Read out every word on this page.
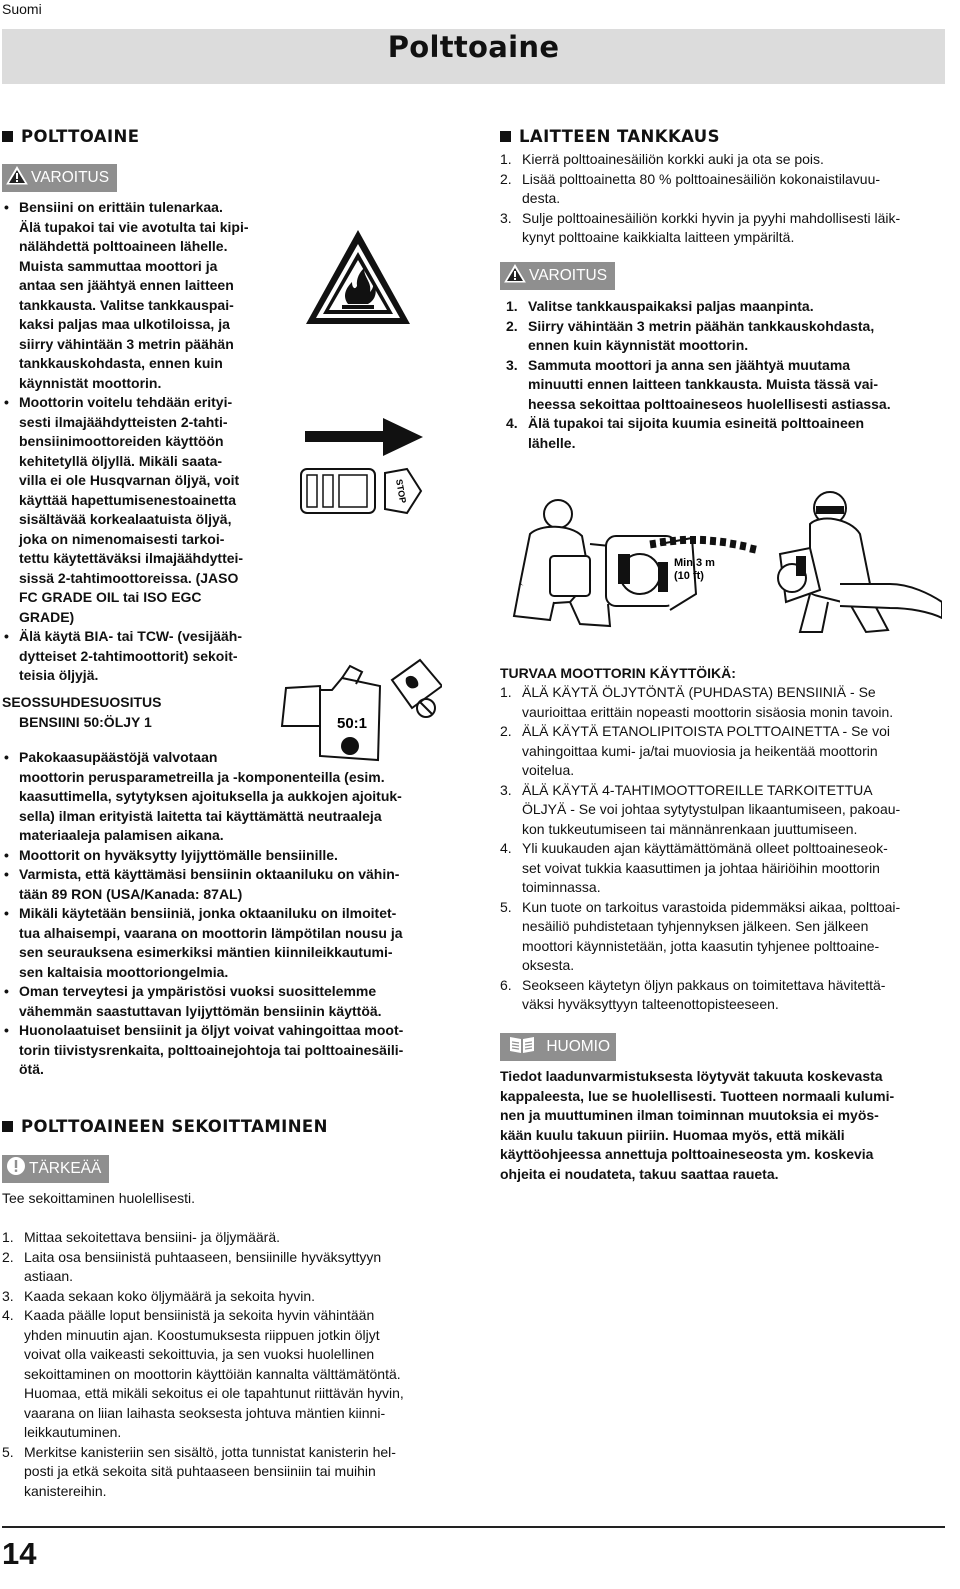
Suomi
Polttoaine
POLTTOAINE
VAROITUS
• Bensiini on erittäin tulenarkaa.
Älä tupakoi tai vie avotulta tai kipi-
nälähdettä polttoaineen lähelle.
Muista sammuttaa moottori ja
antaa sen jäähtyä ennen laitteen
tankkausta. Valitse tankkauspai-
kaksi paljas maa ulkotiloissa, ja
siirry vähintään 3 metrin päähän
tankkauskohdasta, ennen kuin
käynnistät moottorin.
• Moottorin voitelu tehdään erityi-
sesti ilmajäähdytteisten 2-tahti-
bensiinimoottoreiden käyttöön
kehitetyllä öljyllä. Mikäli saata-
villa ei ole Husqvarnan öljyä, voit
käyttää hapettumisenestoainetta
sisältävää korkealaatuista öljyä,
joka on nimenomaisesti tarkoi-
tettu käytettäväksi ilmajäähdyttei-
sissä 2-tahtimoottoreissa. (JASO
FC GRADE OIL tai ISO EGC
GRADE)
• Älä käytä BIA- tai TCW- (vesijääh-
dytteiset 2-tahtimoottorit) sekoit-
teisia öljyjä.
STOP
SEOSSUHDESUOSITUS
BENSIINI 50:ÖLJY 1	50:1
• Pakokaasupäästöjä valvotaan
moottorin perusparametreilla ja -komponenteilla (esim.
kaasuttimella, sytytyksen ajoituksella ja aukkojen ajoituk-
sella) ilman erityistä laitetta tai käyttämättä neutraaleja
materiaaleja palamisen aikana.
• Moottorit on hyväksytty lyijyttömälle bensiinille.
• Varmista, että käyttämäsi bensiinin oktaaniluku on vähin-
tään 89 RON (USA/Kanada: 87AL)
• Mikäli käytetään bensiiniä, jonka oktaaniluku on ilmoitet-
tua alhaisempi, vaarana on moottorin lämpötilan nousu ja
sen seurauksena esimerkiksi mäntien kiinnileikkautumi-
sen kaltaisia moottoriongelmia.
• Oman terveytesi ja ympäristösi vuoksi suosittelemme
vähemmän saastuttavan lyijyttömän bensiinin käyttöä.
• Huonolaatuiset bensiinit ja öljyt voivat vahingoittaa moot-
torin tiivistysrenkaita, polttoainejohtoja tai polttoainesäili-
ötä.
POLTTOAINEEN SEKOITTAMINEN
TÄRKEÄÄ
Tee sekoittaminen huolellisesti.
1. Mittaa sekoitettava bensiini- ja öljymäärä.
2. Laita osa bensiinistä puhtaaseen, bensiinille hyväksyttyyn
astiaan.
3. Kaada sekaan koko öljymäärä ja sekoita hyvin.
4. Kaada päälle loput bensiinistä ja sekoita hyvin vähintään
yhden minuutin ajan. Koostumuksesta riippuen jotkin öljyt
voivat olla vaikeasti sekoittuvia, ja sen vuoksi huolellinen
sekoittaminen on moottorin käyttöiän kannalta välttämätöntä.
Huomaa, että mikäli sekoitus ei ole tapahtunut riittävän hyvin,
vaarana on liian laihasta seoksesta johtuva mäntien kiinni-
leikkautuminen.
5. Merkitse kanisteriin sen sisältö, jotta tunnistat kanisterin hel-
posti ja etkä sekoita sitä puhtaaseen bensiiniin tai muihin
kanistereihin.
LAITTEEN TANKKAUS
1. Kierrä polttoainesäiliön korkki auki ja ota se pois.
2. Lisää polttoainetta 80 % polttoainesäiliön kokonaistilavuu-
desta.
3. Sulje polttoainesäiliön korkki hyvin ja pyyhi mahdollisesti läik-
kynyt polttoaine kaikkialta laitteen ympäriltä.
VAROITUS
1. Valitse tankkauspaikaksi paljas maanpinta.
2. Siirry vähintään 3 metrin päähän tankkauskohdasta,
ennen kuin käynnistät moottorin.
3. Sammuta moottori ja anna sen jäähtyä muutama
minuutti ennen laitteen tankkausta. Muista tässä vai-
heessa sekoittaa polttoaineseos huolellisesti astiassa.
4. Älä tupakoi tai sijoita kuumia esineitä polttoaineen
lähelle.
Min 3 m
(10 ft)
TURVAA MOOTTORIN KÄYTTÖIKÄ:
1. ÄLÄ KÄYTÄ ÖLJYTÖNTÄ (PUHDASTA) BENSIINIÄ - Se
vaurioittaa erittäin nopeasti moottorin sisäosia monin tavoin.
2. ÄLÄ KÄYTÄ ETANOLIPITOISTA POLTTOAINETTA - Se voi
vahingoittaa kumi- ja/tai muoviosia ja heikentää moottorin
voitelua.
3. ÄLÄ KÄYTÄ 4-TAHTIMOOTTOREILLE TARKOITETTUA
ÖLJYÄ - Se voi johtaa sytytystulpan likaantumiseen, pakoau-
kon tukkeutumiseen tai männänrenkaan juuttumiseen.
4. Yli kuukauden ajan käyttämättömänä olleet polttoaineseok-
set voivat tukkia kaasuttimen ja johtaa häiriöihin moottorin
toiminnassa.
5. Kun tuote on tarkoitus varastoida pidemmäksi aikaa, polttoai-
nesäiliö puhdistetaan tyhjennyksen jälkeen. Sen jälkeen
moottori käynnistetään, jotta kaasutin tyhjenee polttoaine-
oksesta.
6. Seokseen käytetyn öljyn pakkaus on toimitettava hävitettä-
väksi hyväksyttyyn talteenottopisteeseen.
HUOMIO
Tiedot laadunvarmistuksesta löytyvät takuuta koskevasta
kappaleesta, lue se huolellisesti. Tuotteen normaali kulumi-
nen ja muuttuminen ilman toiminnan muutoksia ei myös-
kään kuulu takuun piiriin. Huomaa myös, että mikäli
käyttöohjeessa annettuja polttoaineseosta ym. koskevia
ohjeita ei noudateta, takuu saattaa raueta.
14
